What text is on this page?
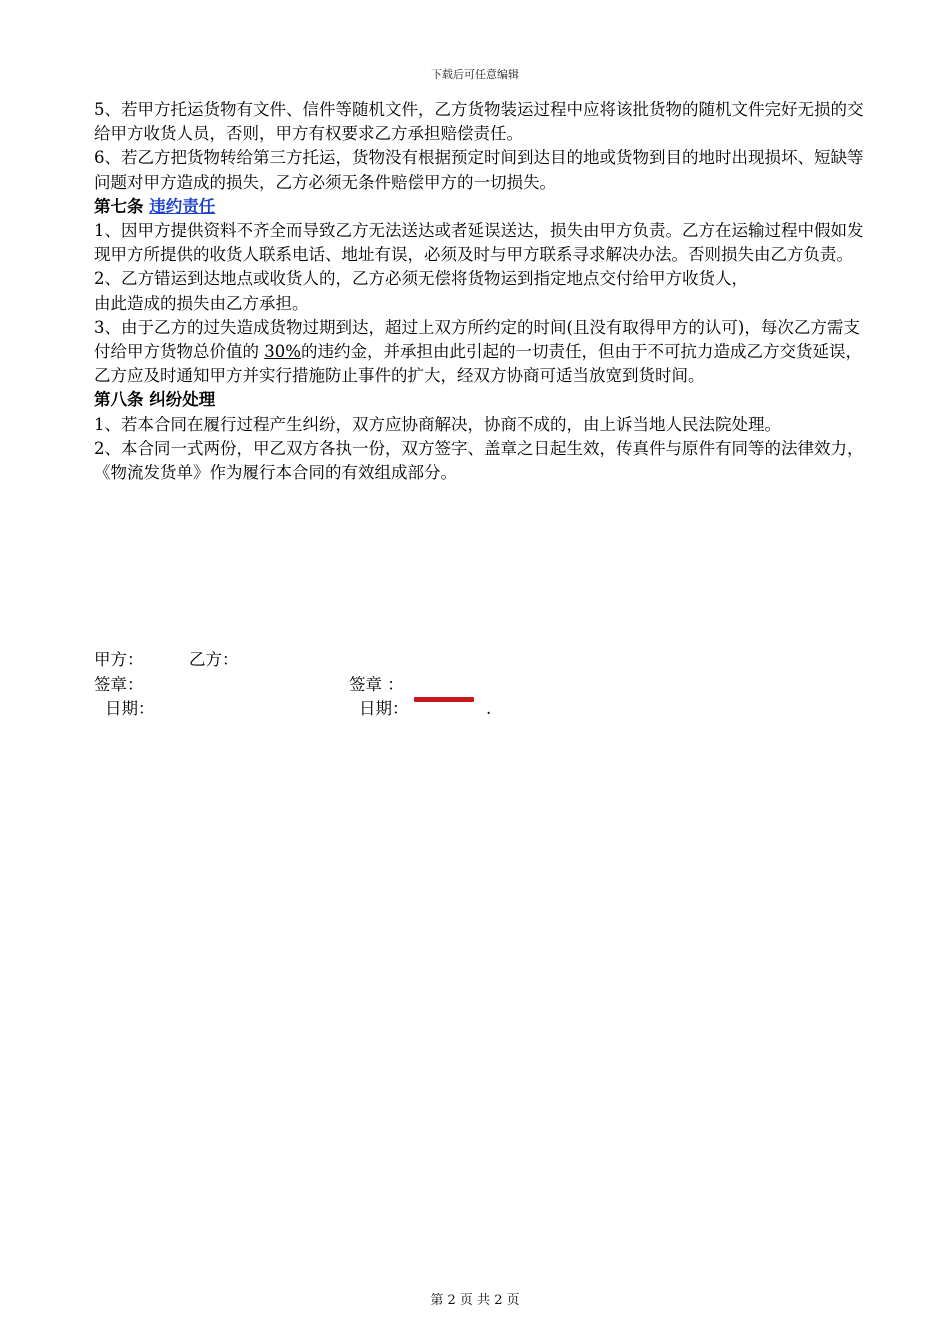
下载后可任意编辑

5、若甲方托运货物有文件、信件等随机文件，乙方货物装运过程中应将该批货物的随机文件完好无损的交给甲方收货人员，否则，甲方有权要求乙方承担赔偿责任。

6、若乙方把货物转给第三方托运，货物没有根据预定时间到达目的地或货物到目的地时出现损坏、短缺等问题对甲方造成的损失，乙方必须无条件赔偿甲方的一切损失。

第七条 违约责任

1、因甲方提供资料不齐全而导致乙方无法送达或者延误送达，损失由甲方负责。乙方在运输过程中假如发现甲方所提供的收货人联系电话、地址有误，必须及时与甲方联系寻求解决办法。否则损失由乙方负责。

2、乙方错运到达地点或收货人的，乙方必须无偿将货物运到指定地点交付给甲方收货人，

由此造成的损失由乙方承担。

3、由于乙方的过失造成货物过期到达，超过上双方所约定的时间(且没有取得甲方的认可)，每次乙方需支付给甲方货物总价值的 30%的违约金，并承担由此引起的一切责任，但由于不可抗力造成乙方交货延误，乙方应及时通知甲方并实行措施防止事件的扩大，经双方协商可适当放宽到货时间。

第八条 纠纷处理

1、若本合同在履行过程产生纠纷，双方应协商解决，协商不成的，由上诉当地人民法院处理。

2、本合同一式两份，甲乙双方各执一份，双方签字、盖章之日起生效，传真件与原件有同等的法律效力，《物流发货单》作为履行本合同的有效组成部分。

甲方：	乙方：
签章：	签章 ：
日期：	日期：	.
第 2 页 共 2 页
